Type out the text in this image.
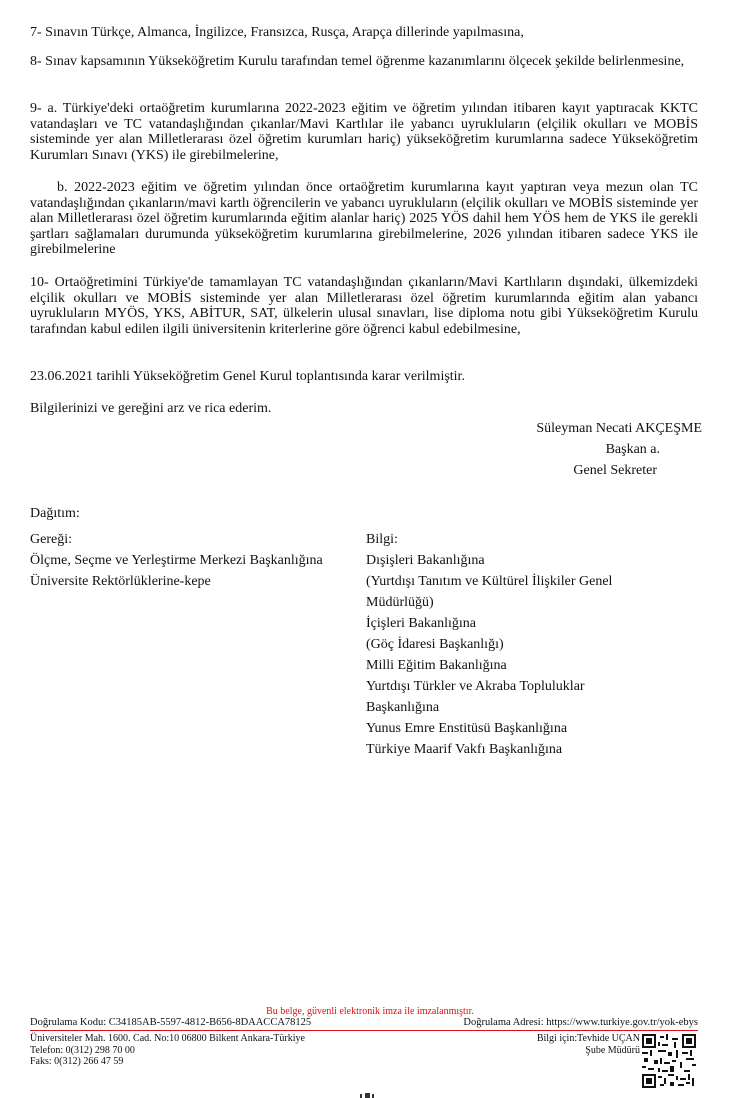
7- Sınavın Türkçe, Almanca, İngilizce, Fransızca, Rusça, Arapça dillerinde yapılmasına,

8- Sınav kapsamının Yükseköğretim Kurulu tarafından temel öğrenme kazanımlarını ölçecek şekilde belirlenmesine,

9- a. Türkiye'deki ortaöğretim kurumlarına 2022-2023 eğitim ve öğretim yılından itibaren kayıt yaptıracak KKTC vatandaşları ve TC vatandaşlığından çıkanlar/Mavi Kartlılar ile yabancı uyrukluların (elçilik okulları ve MOBİS sisteminde yer alan Milletlerarası özel öğretim kurumları hariç) yükseköğretim kurumlarına sadece Yükseköğretim Kurumları Sınavı (YKS) ile girebilmelerine,

b. 2022-2023 eğitim ve öğretim yılından önce ortaöğretim kurumlarına kayıt yaptıran veya mezun olan TC vatandaşlığından çıkanların/mavi kartlı öğrencilerin ve yabancı uyrukluların (elçilik okulları ve MOBİS sisteminde yer alan Milletlerarası özel öğretim kurumlarında eğitim alanlar hariç) 2025 YÖS dahil hem YÖS hem de YKS ile gerekli şartları sağlamaları durumunda yükseköğretim kurumlarına girebilmelerine, 2026 yılından itibaren sadece YKS ile girebilmelerine

10- Ortaöğretimini Türkiye'de tamamlayan TC vatandaşlığından çıkanların/Mavi Kartlıların dışındaki, ülkemizdeki elçilik okulları ve MOBİS sisteminde yer alan Milletlerarası özel öğretim kurumlarında eğitim alan yabancı uyrukluların MYÖS, YKS, ABİTUR, SAT, ülkelerin ulusal sınavları, lise diploma notu gibi Yükseköğretim Kurulu tarafından kabul edilen ilgili üniversitenin kriterlerine göre öğrenci kabul edebilmesine,

23.06.2021 tarihli Yükseköğretim Genel Kurul toplantısında karar verilmiştir.

Bilgilerinizi ve gereğini arz ve rica ederim.

Süleyman Necati AKÇEŞME
Başkan a.
Genel Sekreter
Dağıtım:
Gereği:
Ölçme, Seçme ve Yerleştirme Merkezi Başkanlığına
Üniversite Rektörlüklerine-kepe
Bilgi:
Dışişleri Bakanlığına
(Yurtdışı Tanıtım ve Kültürel İlişkiler Genel
Müdürlüğü)
İçişleri Bakanlığına
(Göç İdaresi Başkanlığı)
Milli Eğitim Bakanlığına
Yurtdışı Türkler ve Akraba Topluluklar
Başkanlığına
Yunus Emre Enstitüsü Başkanlığına
Türkiye Maarif Vakfı Başkanlığına
Bu belge, güvenli elektronik imza ile imzalanmıştır.
Doğrulama Kodu: C34185AB-5597-4812-B656-8DAACCA78125	Doğrulama Adresi: https://www.turkiye.gov.tr/yok-ebys
Üniversiteler Mah. 1600. Cad. No:10 06800 Bilkent Ankara-Türkiye
Telefon: 0(312) 298 70 00
Faks: 0(312) 266 47 59
Bilgi için:Tevhide UÇAN
Şube Müdürü
